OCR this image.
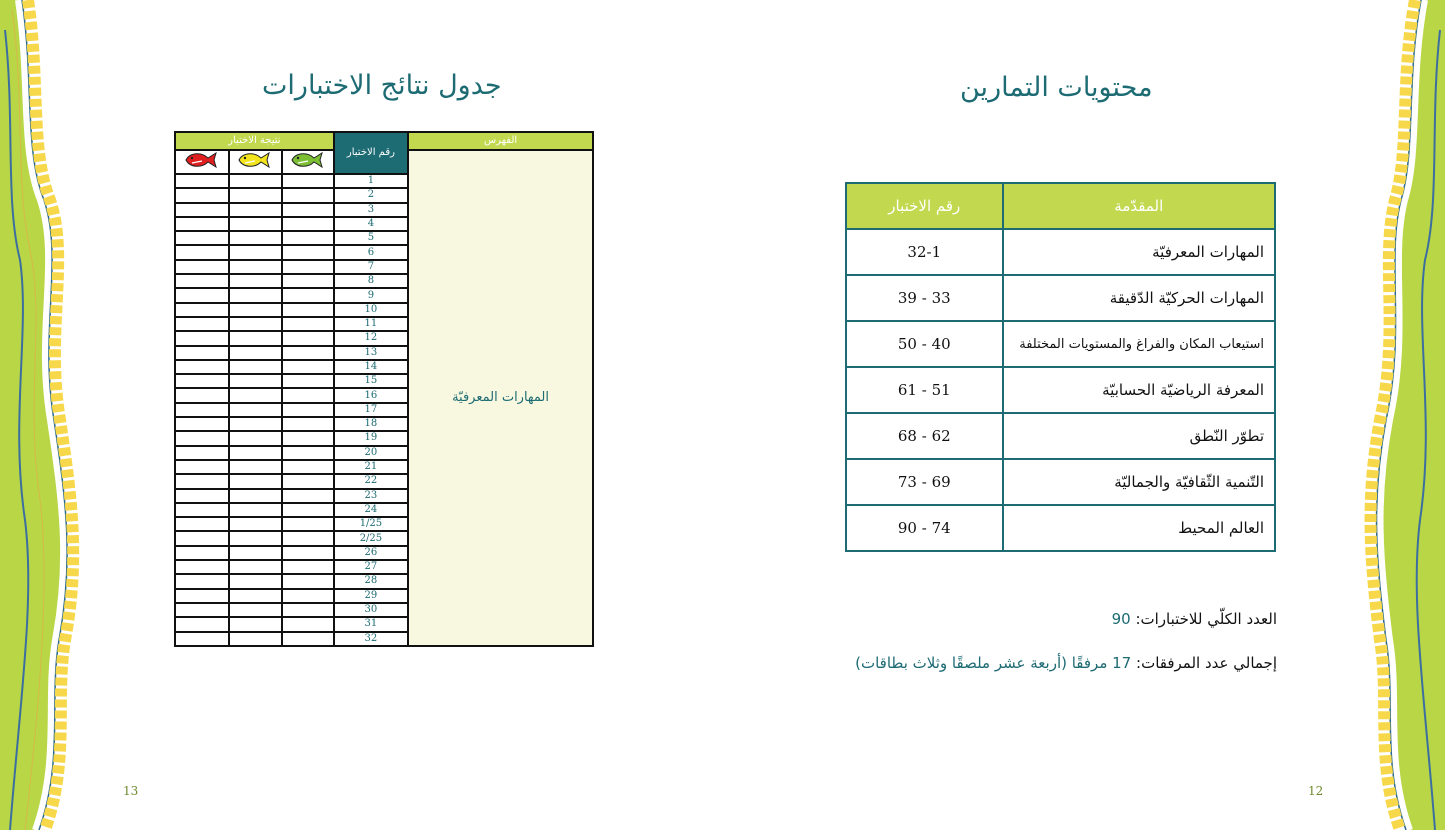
جدول نتائج الاختبارات
نتيجة الاختبار			رقم الاختبار	الفهرس
			المهارات المعرفيّة
			1	
			2	
			3	
			4	
			5	
			6	
			7	
			8	
			9	
			10	
			11	
			12	
			13	
			14	
			15	
			16	
			17	
			18	
			19	
			20	
			21	
			22	
			23	
			24	
			1/25	
			2/25	
			26	
			27	
			28	
			29	
			30	
			31	
			32	
محتويات التمارين
رقم الاختبار	المقدّمة
32-1	المهارات المعرفيّة
39 - 33	المهارات الحركيّة الدّقيقة
50 - 40	استيعاب المكان والفراغ والمستويات المختلفة
61 - 51	المعرفة الرياضيّة الحسابيّة
68 - 62	تطوّر النّطق
73 - 69	التّنمية الثّقافيّة والجماليّة
90 - 74	العالم المحيط
العدد الكلّي للاختبارات: 90
إجمالي عدد المرفقات: 17 مرفقًا (أربعة عشر ملصقًا وثلاث بطاقات)
13	12
